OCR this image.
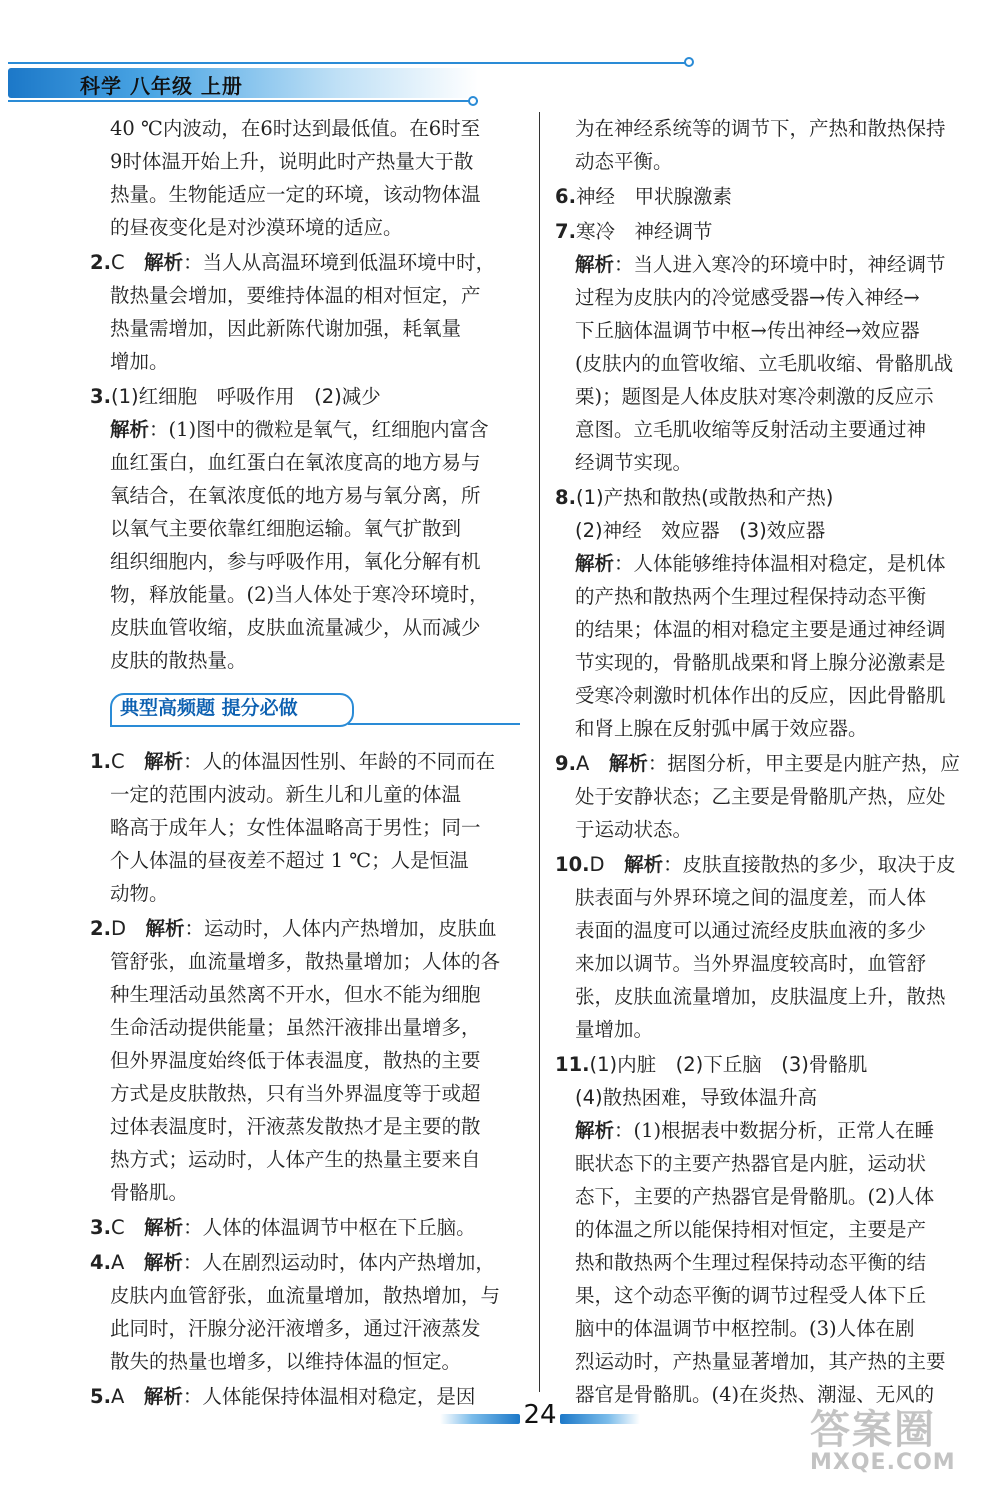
科学 八年级 上册
40 ℃内波动，在6时达到最低值。在6时至
9时体温开始上升，说明此时产热量大于散
热量。生物能适应一定的环境，该动物体温
的昼夜变化是对沙漠环境的适应。
2.C　 解析：当人从高温环境到低温环境中时，
散热量会增加，要维持体温的相对恒定，产
热量需增加，因此新陈代谢加强，耗氧量
增加。
3.(1)红细胞　呼吸作用　(2)减少
解析：(1)图中的微粒是氧气，红细胞内富含
血红蛋白，血红蛋白在氧浓度高的地方易与
氧结合，在氧浓度低的地方易与氧分离，所
以氧气主要依靠红细胞运输。氧气扩散到
组织细胞内，参与呼吸作用，氧化分解有机
物，释放能量。(2)当人体处于寒冷环境时，
皮肤血管收缩，皮肤血流量减少，从而减少
皮肤的散热量。
典型高频题 提分必做
1.C　 解析：人的体温因性别、年龄的不同而在
一定的范围内波动。新生儿和儿童的体温
略高于成年人；女性体温略高于男性；同一
个人体温的昼夜差不超过 1 ℃；人是恒温
动物。
2.D　 解析：运动时，人体内产热增加，皮肤血
管舒张，血流量增多，散热量增加；人体的各
种生理活动虽然离不开水，但水不能为细胞
生命活动提供能量；虽然汗液排出量增多，
但外界温度始终低于体表温度，散热的主要
方式是皮肤散热，只有当外界温度等于或超
过体表温度时，汗液蒸发散热才是主要的散
热方式；运动时，人体产生的热量主要来自
骨骼肌。
3.C　 解析：人体的体温调节中枢在下丘脑。
4.A　 解析：人在剧烈运动时，体内产热增加，
皮肤内血管舒张，血流量增加，散热增加，与
此同时，汗腺分泌汗液增多，通过汗液蒸发
散失的热量也增多，以维持体温的恒定。
5.A　 解析：人体能保持体温相对稳定，是因
为在神经系统等的调节下，产热和散热保持
动态平衡。
6.神经　甲状腺激素
7.寒冷　神经调节
解析：当人进入寒冷的环境中时，神经调节
过程为皮肤内的冷觉感受器→传入神经→
下丘脑体温调节中枢→传出神经→效应器
(皮肤内的血管收缩、立毛肌收缩、骨骼肌战
栗)；题图是人体皮肤对寒冷刺激的反应示
意图。立毛肌收缩等反射活动主要通过神
经调节实现。
8.(1)产热和散热(或散热和产热)
(2)神经　效应器　(3)效应器
解析：人体能够维持体温相对稳定，是机体
的产热和散热两个生理过程保持动态平衡
的结果；体温的相对稳定主要是通过神经调
节实现的，骨骼肌战栗和肾上腺分泌激素是
受寒冷刺激时机体作出的反应，因此骨骼肌
和肾上腺在反射弧中属于效应器。
9.A　 解析：据图分析，甲主要是内脏产热，应
处于安静状态；乙主要是骨骼肌产热，应处
于运动状态。
10.D　 解析：皮肤直接散热的多少，取决于皮
肤表面与外界环境之间的温度差，而人体
表面的温度可以通过流经皮肤血液的多少
来加以调节。当外界温度较高时，血管舒
张，皮肤血流量增加，皮肤温度上升，散热
量增加。
11.(1)内脏　(2)下丘脑　(3)骨骼肌
(4)散热困难，导致体温升高
解析：(1)根据表中数据分析，正常人在睡
眠状态下的主要产热器官是内脏，运动状
态下，主要的产热器官是骨骼肌。(2)人体
的体温之所以能保持相对恒定，主要是产
热和散热两个生理过程保持动态平衡的结
果，这个动态平衡的调节过程受人体下丘
脑中的体温调节中枢控制。(3)人体在剧
烈运动时，产热量显著增加，其产热的主要
器官是骨骼肌。(4)在炎热、潮湿、无风的
24	答案圈
MXQE.COM
